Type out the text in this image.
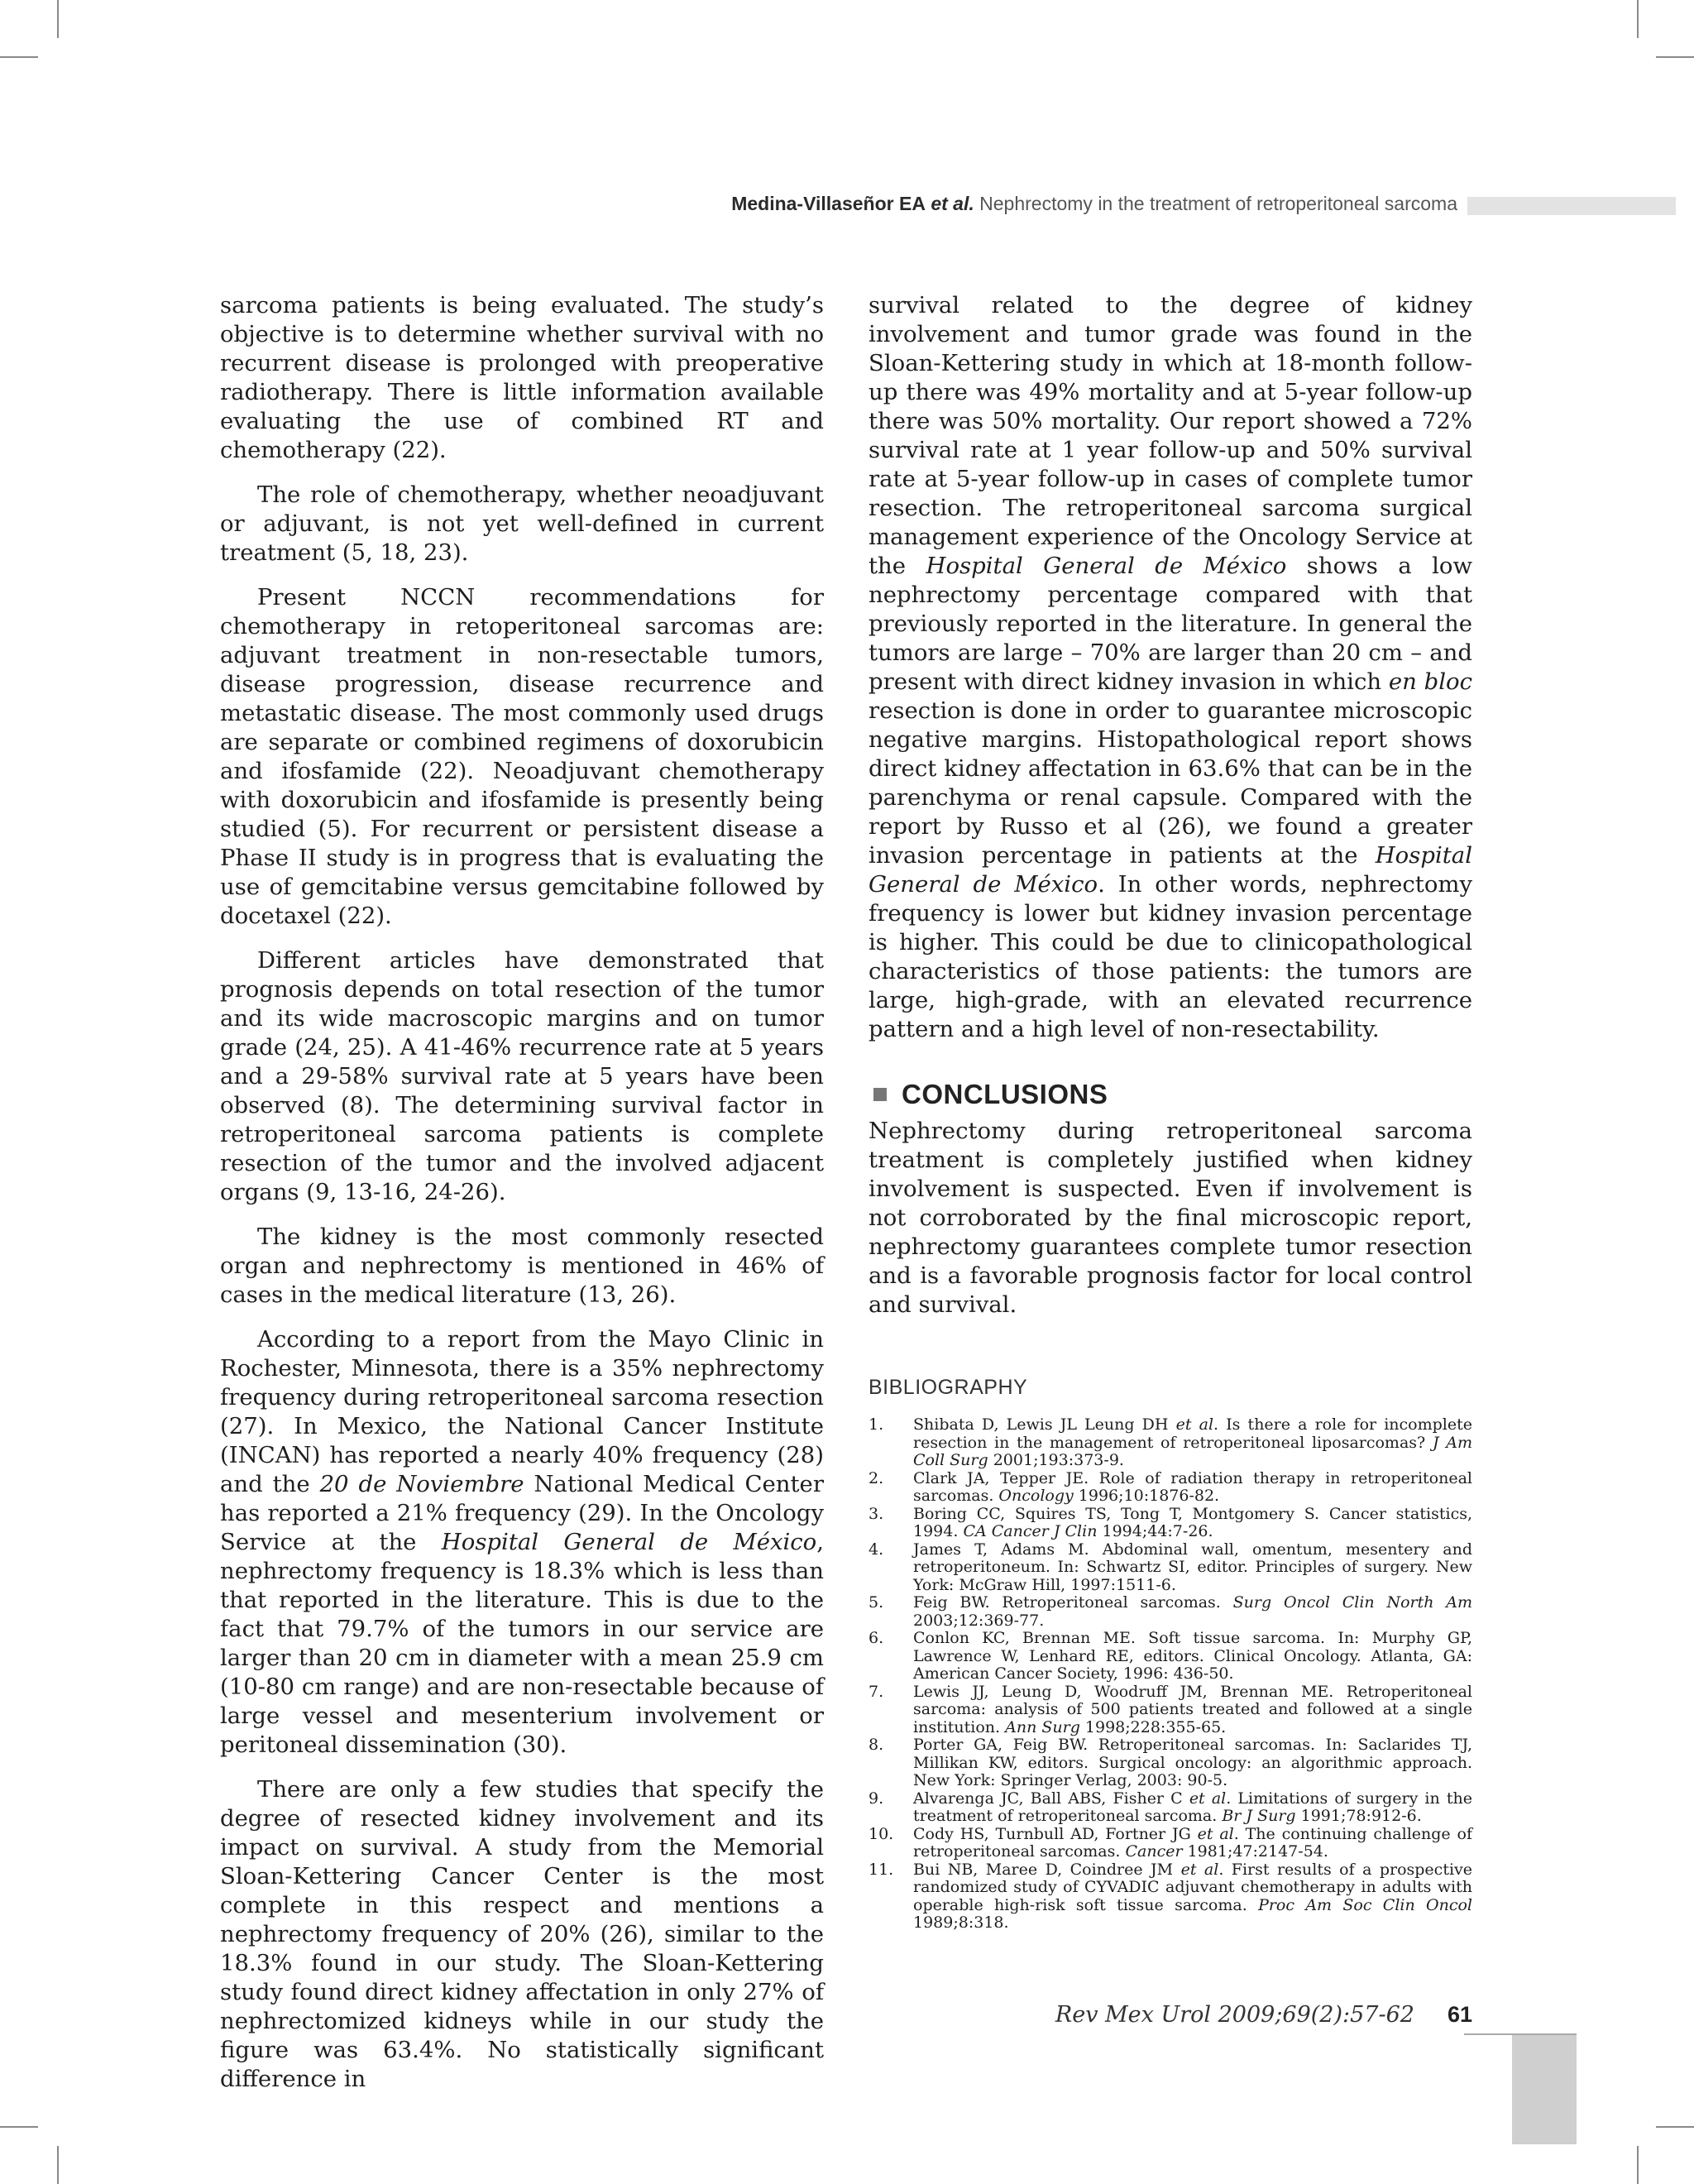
Medina-Villaseñor EA et al. Nephrectomy in the treatment of retroperitoneal sarcoma

sarcoma patients is being evaluated. The study’s objective is to determine whether survival with no recurrent disease is prolonged with preoperative radiotherapy. There is little information available evaluating the use of combined RT and chemotherapy (22).

The role of chemotherapy, whether neoadjuvant or adjuvant, is not yet well-defined in current treatment (5, 18, 23).

Present NCCN recommendations for chemotherapy in retoperitoneal sarcomas are: adjuvant treatment in non-resectable tumors, disease progression, disease recurrence and metastatic disease. The most commonly used drugs are separate or combined regimens of doxorubicin and ifosfamide (22). Neoadjuvant chemotherapy with doxorubicin and ifosfamide is presently being studied (5). For recurrent or persistent disease a Phase II study is in progress that is evaluating the use of gemcitabine versus gemcitabine followed by docetaxel (22).

Different articles have demonstrated that prognosis depends on total resection of the tumor and its wide macroscopic margins and on tumor grade (24, 25). A 41-46% recurrence rate at 5 years and a 29-58% survival rate at 5 years have been observed (8). The determining survival factor in retroperitoneal sarcoma patients is complete resection of the tumor and the involved adjacent organs (9, 13-16, 24-26).

The kidney is the most commonly resected organ and nephrectomy is mentioned in 46% of cases in the medical literature (13, 26).

According to a report from the Mayo Clinic in Rochester, Minnesota, there is a 35% nephrectomy frequency during retroperitoneal sarcoma resection (27). In Mexico, the National Cancer Institute (INCAN) has reported a nearly 40% frequency (28) and the 20 de Noviembre National Medical Center has reported a 21% frequency (29). In the Oncology Service at the Hospital General de México, nephrectomy frequency is 18.3% which is less than that reported in the literature. This is due to the fact that 79.7% of the tumors in our service are larger than 20 cm in diameter with a mean 25.9 cm (10-80 cm range) and are non-resectable because of large vessel and mesenterium involvement or peritoneal dissemination (30).

There are only a few studies that specify the degree of resected kidney involvement and its impact on survival. A study from the Memorial Sloan-Kettering Cancer Center is the most complete in this respect and mentions a nephrectomy frequency of 20% (26), similar to the 18.3% found in our study. The Sloan-Kettering study found direct kidney affectation in only 27% of nephrectomized kidneys while in our study the figure was 63.4%. No statistically significant difference in

survival related to the degree of kidney involvement and tumor grade was found in the Sloan-Kettering study in which at 18-month follow-up there was 49% mortality and at 5-year follow-up there was 50% mortality. Our report showed a 72% survival rate at 1 year follow-up and 50% survival rate at 5-year follow-up in cases of complete tumor resection. The retroperitoneal sarcoma surgical management experience of the Oncology Service at the Hospital General de México shows a low nephrectomy percentage compared with that previously reported in the literature. In general the tumors are large – 70% are larger than 20 cm – and present with direct kidney invasion in which en bloc resection is done in order to guarantee microscopic negative margins. Histopathological report shows direct kidney affectation in 63.6% that can be in the parenchyma or renal capsule. Compared with the report by Russo et al (26), we found a greater invasion percentage in patients at the Hospital General de México. In other words, nephrectomy frequency is lower but kidney invasion percentage is higher. This could be due to clinicopathological characteristics of those patients: the tumors are large, high-grade, with an elevated recurrence pattern and a high level of non-resectability.

CONCLUSIONS

Nephrectomy during retroperitoneal sarcoma treatment is completely justified when kidney involvement is suspected. Even if involvement is not corroborated by the final microscopic report, nephrectomy guarantees complete tumor resection and is a favorable prognosis factor for local control and survival.

BIBLIOGRAPHY
1.	Shibata D, Lewis JL Leung DH et al. Is there a role for incomplete resection in the management of retroperitoneal liposarcomas? J Am Coll Surg 2001;193:373-9.
2.	Clark JA, Tepper JE. Role of radiation therapy in retroperitoneal sarcomas. Oncology 1996;10:1876-82.
3.	Boring CC, Squires TS, Tong T, Montgomery S. Cancer statistics, 1994. CA Cancer J Clin 1994;44:7-26.
4.	James T, Adams M. Abdominal wall, omentum, mesentery and retroperitoneum. In: Schwartz SI, editor. Principles of surgery. New York: McGraw Hill, 1997:1511-6.
5.	Feig BW. Retroperitoneal sarcomas. Surg Oncol Clin North Am 2003;12:369-77.
6.	Conlon KC, Brennan ME. Soft tissue sarcoma. In: Murphy GP, Lawrence W, Lenhard RE, editors. Clinical Oncology. Atlanta, GA: American Cancer Society, 1996: 436-50.
7.	Lewis JJ, Leung D, Woodruff JM, Brennan ME. Retroperitoneal sarcoma: analysis of 500 patients treated and followed at a single institution. Ann Surg 1998;228:355-65.
8.	Porter GA, Feig BW. Retroperitoneal sarcomas. In: Saclarides TJ, Millikan KW, editors. Surgical oncology: an algorithmic approach. New York: Springer Verlag, 2003: 90-5.
9.	Alvarenga JC, Ball ABS, Fisher C et al. Limitations of surgery in the treatment of retroperitoneal sarcoma. Br J Surg 1991;78:912-6.
10.	Cody HS, Turnbull AD, Fortner JG et al. The continuing challenge of retroperitoneal sarcomas. Cancer 1981;47:2147-54.
11.	Bui NB, Maree D, Coindree JM et al. First results of a prospective randomized study of CYVADIC adjuvant chemotherapy in adults with operable high-risk soft tissue sarcoma. Proc Am Soc Clin Oncol 1989;8:318.
Rev Mex Urol 2009;69(2):57-62 61
